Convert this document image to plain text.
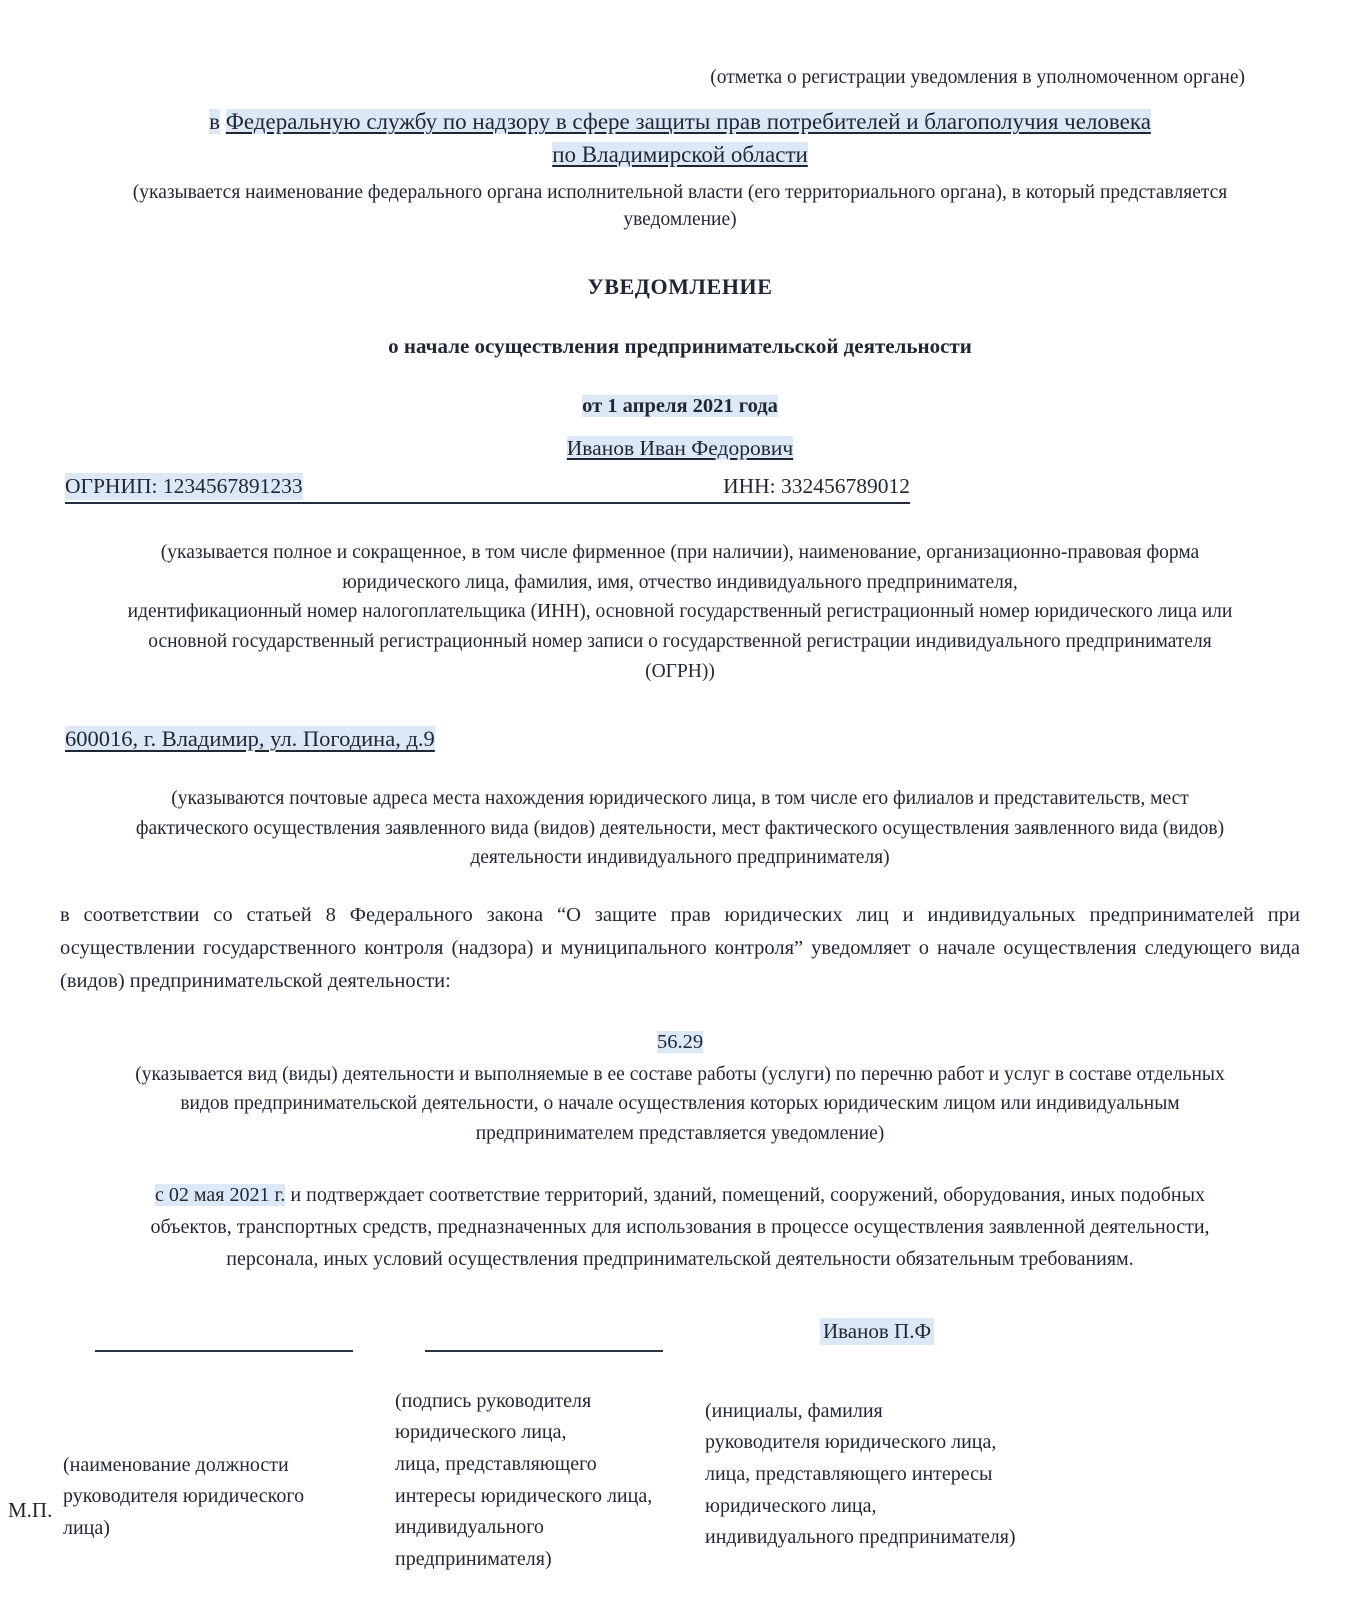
(отметка о регистрации уведомления в уполномоченном органе)
в Федеральную службу по надзору в сфере защиты прав потребителей и благополучия человека
по Владимирской области
(указывается наименование федерального органа исполнительной власти (его территориального органа), в который представляется уведомление)
УВЕДОМЛЕНИЕ
о начале осуществления предпринимательской деятельности
от 1 апреля 2021 года
Иванов Иван Федорович
ОГРНИП: 1234567891233	ИНН: 332456789012
(указывается полное и сокращенное, в том числе фирменное (при наличии), наименование, организационно-правовая форма
юридического лица, фамилия, имя, отчество индивидуального предпринимателя,
идентификационный номер налогоплательщика (ИНН), основной государственный регистрационный номер юридического лица или
основной государственный регистрационный номер записи о государственной регистрации индивидуального предпринимателя
(ОГРН))
600016, г. Владимир, ул. Погодина, д.9
(указываются почтовые адреса места нахождения юридического лица, в том числе его филиалов и представительств, мест
фактического осуществления заявленного вида (видов) деятельности, мест фактического осуществления заявленного вида (видов)
деятельности индивидуального предпринимателя)
в соответствии со статьей 8 Федерального закона “О защите прав юридических лиц и индивидуальных предпринимателей при осуществлении государственного контроля (надзора) и муниципального контроля” уведомляет о начале осуществления следующего вида (видов) предпринимательской деятельности:
56.29
(указывается вид (виды) деятельности и выполняемые в ее составе работы (услуги) по перечню работ и услуг в составе отдельных
видов предпринимательской деятельности, о начале осуществления которых юридическим лицом или индивидуальным
предпринимателем представляется уведомление)
с 02 мая 2021 г. и подтверждает соответствие территорий, зданий, помещений, сооружений, оборудования, иных подобных
объектов, транспортных средств, предназначенных для использования в процессе осуществления заявленной деятельности,
персонала, иных условий осуществления предпринимательской деятельности обязательным требованиям.
Иванов П.Ф
(наименование должности
руководителя юридического
лица)
(подпись руководителя
юридического лица,
лица, представляющего
интересы юридического лица,
индивидуального
предпринимателя)
(инициалы, фамилия
руководителя юридического лица,
лица, представляющего интересы
юридического лица,
индивидуального предпринимателя)
М.П.
